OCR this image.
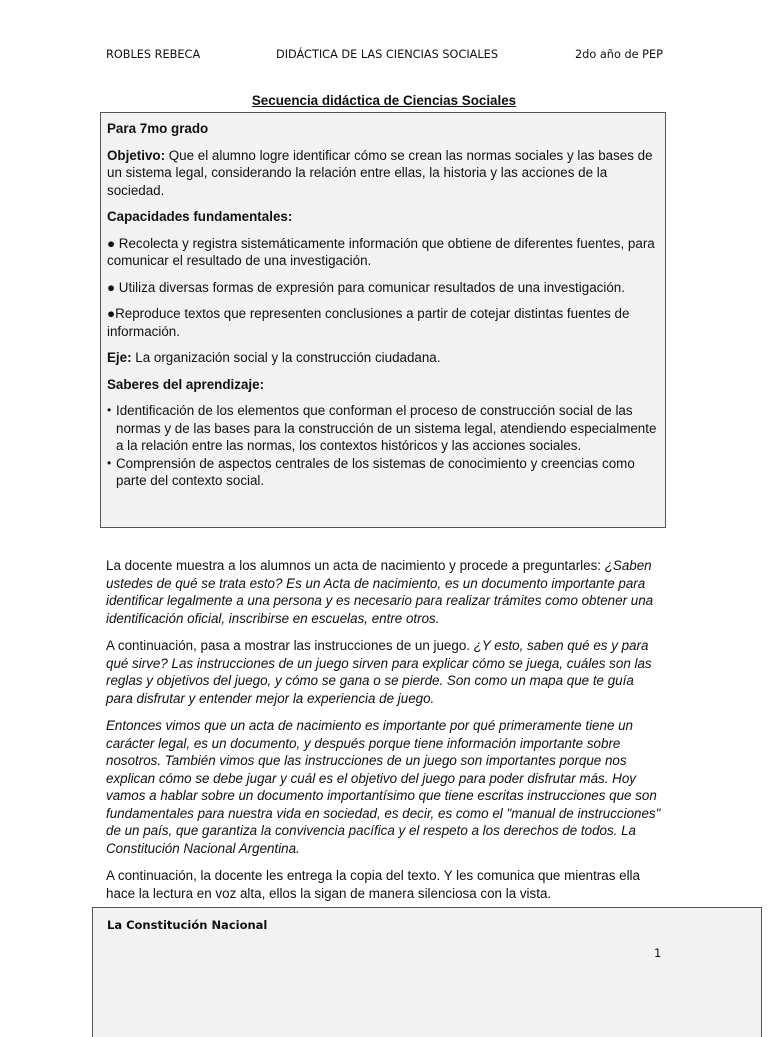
ROBLES REBECA	DIDÁCTICA DE LAS CIENCIAS SOCIALES	2do año de PEP
Secuencia didáctica de Ciencias Sociales

Para 7mo grado

Objetivo: Que el alumno logre identificar cómo se crean las normas sociales y las bases de un sistema legal, considerando la relación entre ellas, la historia y las acciones de la sociedad.

Capacidades fundamentales:

● Recolecta y registra sistemáticamente información que obtiene de diferentes fuentes, para comunicar el resultado de una investigación.

● Utiliza diversas formas de expresión para comunicar resultados de una investigación.

●Reproduce textos que representen conclusiones a partir de cotejar distintas fuentes de información.

Eje: La organización social y la construcción ciudadana.

Saberes del aprendizaje:

• Identificación de los elementos que conforman el proceso de construcción social de las normas y de las bases para la construcción de un sistema legal, atendiendo especialmente a la relación entre las normas, los contextos históricos y las acciones sociales.
• Comprensión de aspectos centrales de los sistemas de conocimiento y creencias como parte del contexto social.

La docente muestra a los alumnos un acta de nacimiento y procede a preguntarles: ¿Saben ustedes de qué se trata esto? Es un Acta de nacimiento, es un documento importante para identificar legalmente a una persona y es necesario para realizar trámites como obtener una identificación oficial, inscribirse en escuelas, entre otros.

A continuación, pasa a mostrar las instrucciones de un juego. ¿Y esto, saben qué es y para qué sirve? Las instrucciones de un juego sirven para explicar cómo se juega, cuáles son las reglas y objetivos del juego, y cómo se gana o se pierde. Son como un mapa que te guía para disfrutar y entender mejor la experiencia de juego.

Entonces vimos que un acta de nacimiento es importante por qué primeramente tiene un carácter legal, es un documento, y después porque tiene información importante sobre nosotros. También vimos que las instrucciones de un juego son importantes porque nos explican cómo se debe jugar y cuál es el objetivo del juego para poder disfrutar más. Hoy vamos a hablar sobre un documento importantísimo que tiene escritas instrucciones que son fundamentales para nuestra vida en sociedad, es decir, es como el "manual de instrucciones" de un país, que garantiza la convivencia pacífica y el respeto a los derechos de todos. La Constitución Nacional Argentina.

A continuación, la docente les entrega la copia del texto. Y les comunica que mientras ella hace la lectura en voz alta, ellos la sigan de manera silenciosa con la vista.

La Constitución Nacional
1
